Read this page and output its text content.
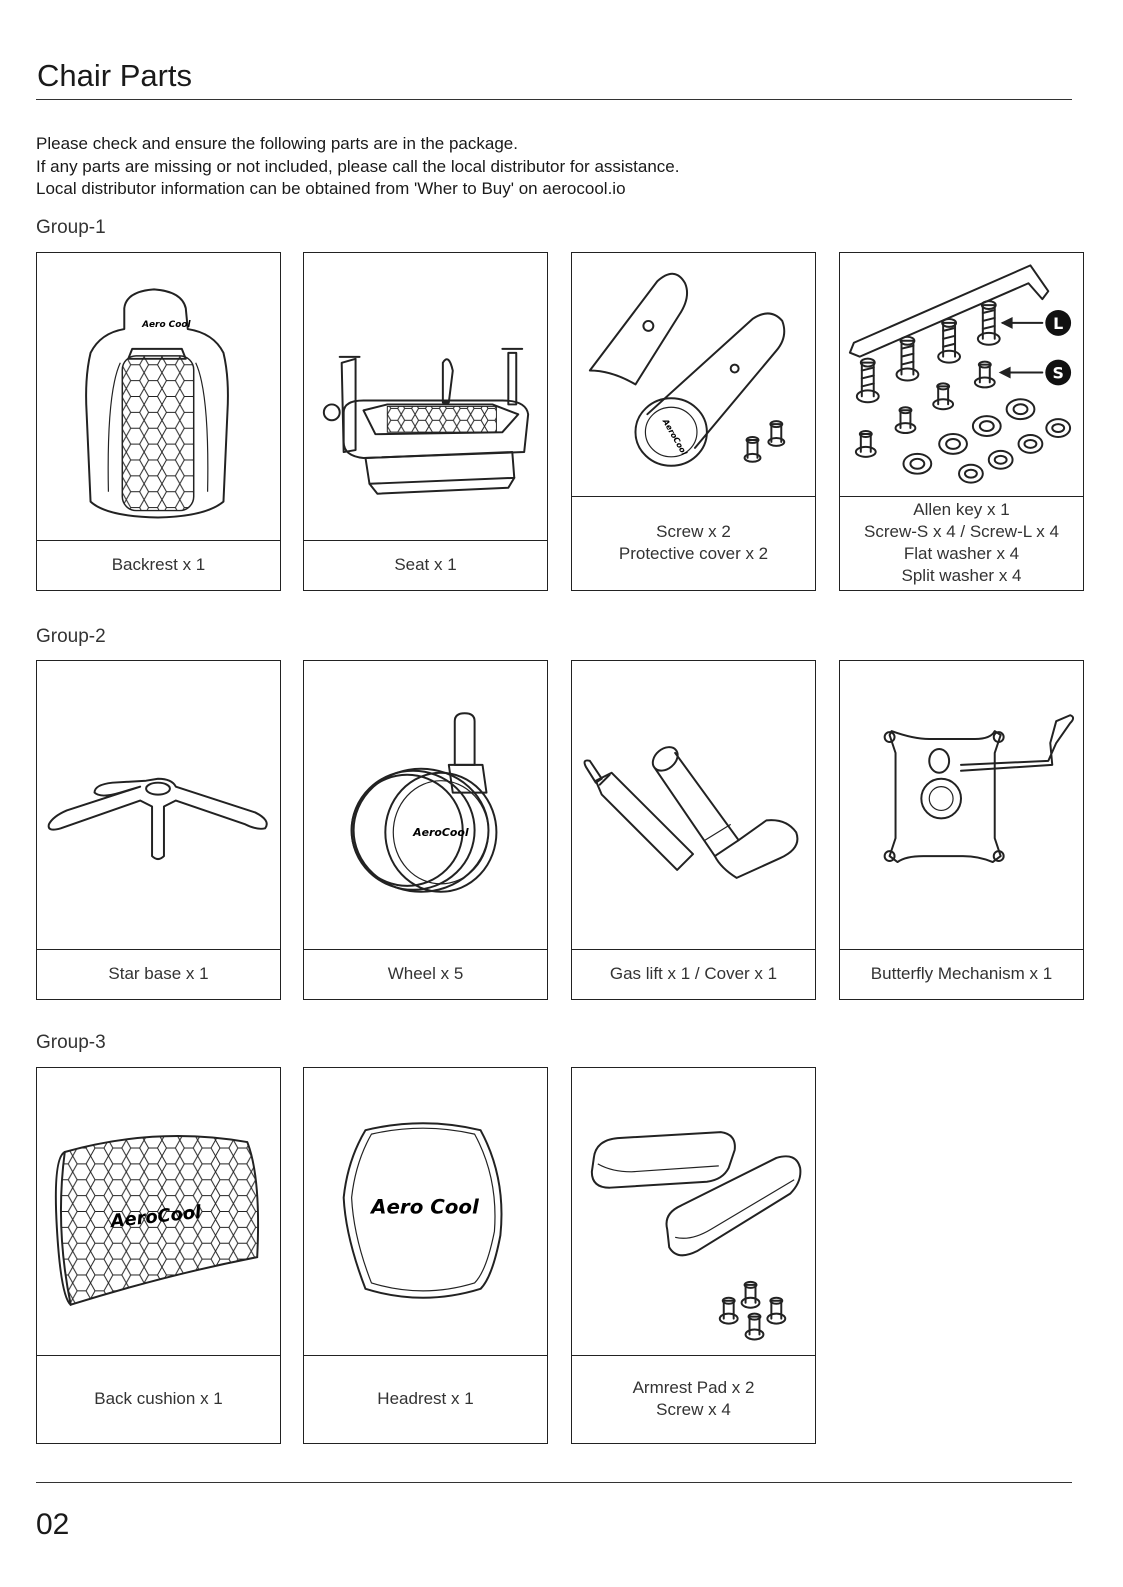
Chair Parts
Please check and ensure the following parts are in the package.
If any parts are missing or not included, please call the local distributor for assistance.
Local distributor information can be obtained from 'Wher to Buy' on aerocool.io
Group-1
Aero Cool
Backrest x 1	Seat x 1
AeroCool
Screw x 2
Protective cover x 2
L
S
Allen key x 1
Screw-S x 4 / Screw-L x 4
Flat washer x 4
Split washer x 4
Group-2
Star base x 1
AeroCool
Wheel x 5	Gas lift x 1 / Cover x 1	Butterfly Mechanism x 1
Group-3
AeroCool
Back cushion x 1
Aero Cool
Headrest x 1
Armrest Pad x 2
Screw x 4
02
